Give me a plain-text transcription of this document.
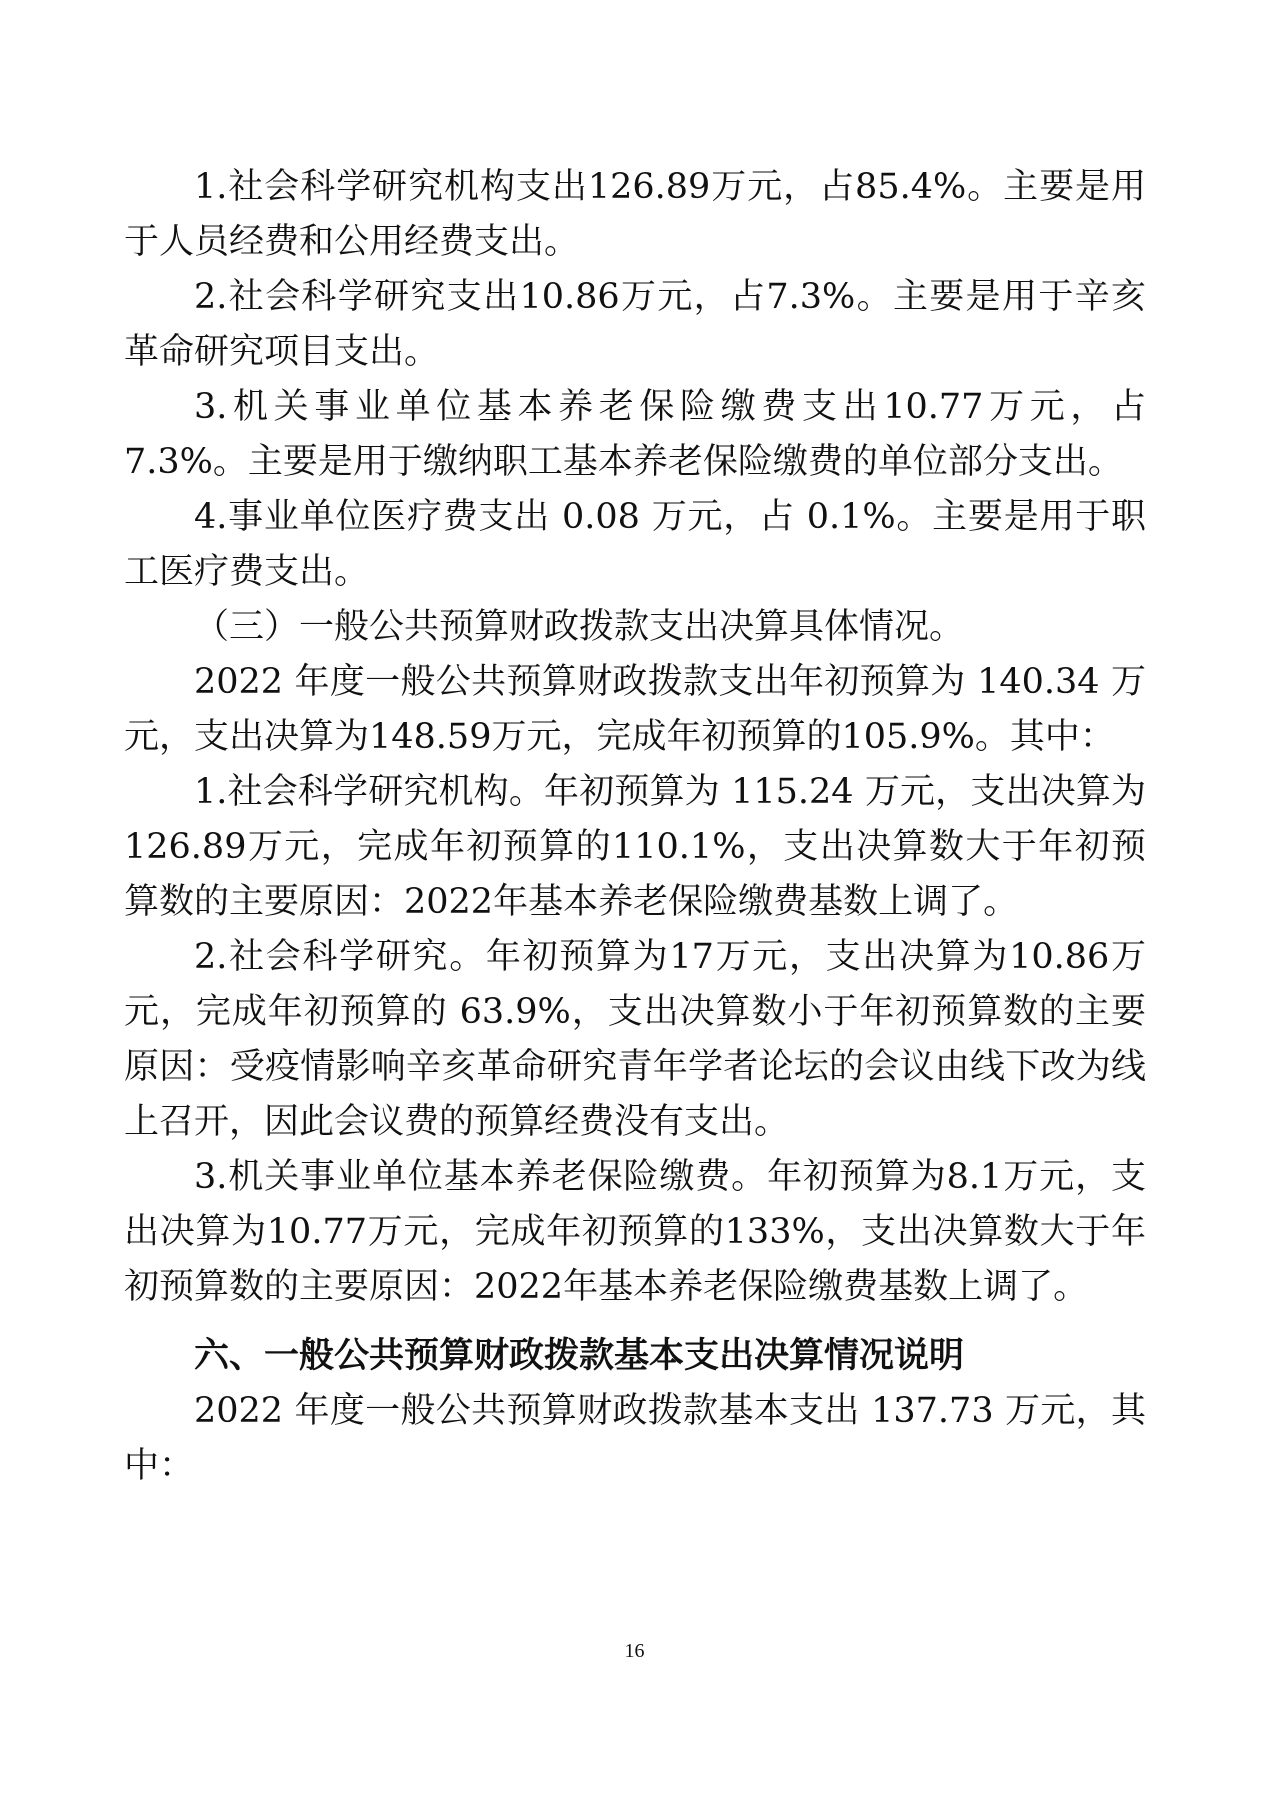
1.社会科学研究机构支出126.89万元，占85.4%。主要是用于人员经费和公用经费支出。

2.社会科学研究支出10.86万元，占7.3%。主要是用于辛亥革命研究项目支出。

3.机关事业单位基本养老保险缴费支出10.77万元，占7.3%。主要是用于缴纳职工基本养老保险缴费的单位部分支出。

4.事业单位医疗费支出 0.08 万元，占 0.1%。主要是用于职工医疗费支出。

（三）一般公共预算财政拨款支出决算具体情况。

2022 年度一般公共预算财政拨款支出年初预算为 140.34 万元，支出决算为148.59万元，完成年初预算的105.9%。其中：

1.社会科学研究机构。年初预算为 115.24 万元，支出决算为126.89万元，完成年初预算的110.1%，支出决算数大于年初预算数的主要原因：2022年基本养老保险缴费基数上调了。

2.社会科学研究。年初预算为17万元，支出决算为10.86万元，完成年初预算的 63.9%，支出决算数小于年初预算数的主要原因：受疫情影响辛亥革命研究青年学者论坛的会议由线下改为线上召开，因此会议费的预算经费没有支出。

3.机关事业单位基本养老保险缴费。年初预算为8.1万元，支出决算为10.77万元，完成年初预算的133%，支出决算数大于年初预算数的主要原因：2022年基本养老保险缴费基数上调了。

六、一般公共预算财政拨款基本支出决算情况说明

2022 年度一般公共预算财政拨款基本支出 137.73 万元，其中：

16
